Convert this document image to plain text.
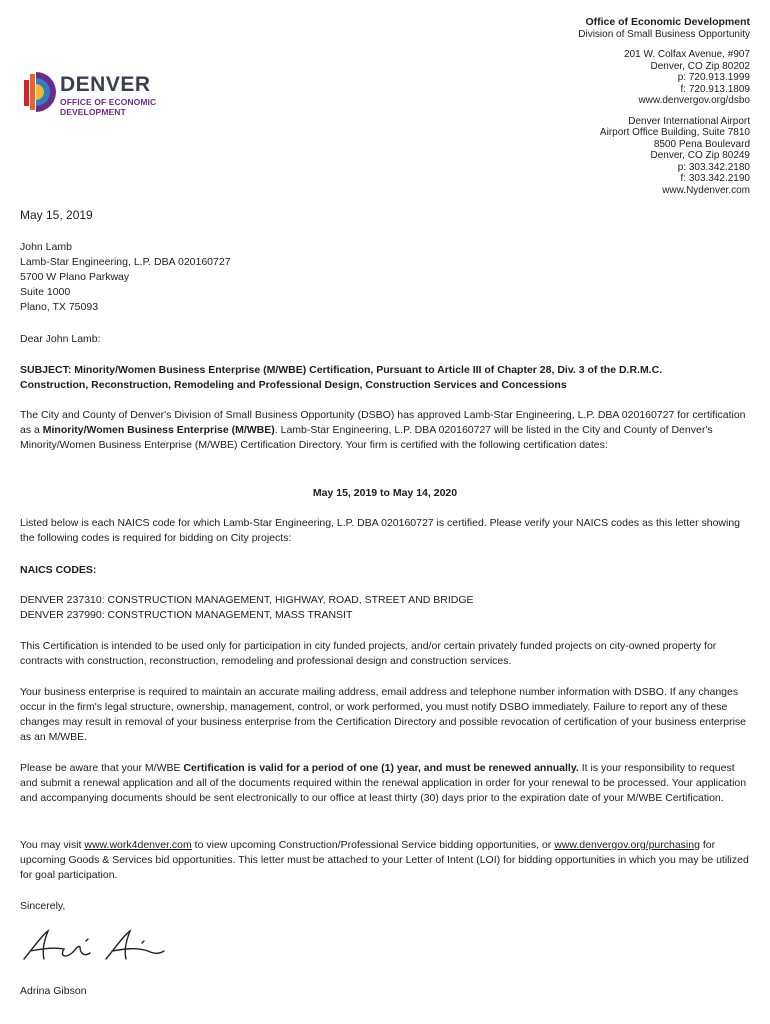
DENVER
OFFICE OF ECONOMIC
DEVELOPMENT
Ofﬁce of Economic Development
Division of Small Business Opportunity
201 W. Colfax Avenue, #907
Denver, CO Zip 80202
p: 720.913.1999
f: 720.913.1809
www.denvergov.org/dsbo
Denver International Airport
Airport Ofﬁce Building, Suite 7810
8500 Pena Boulevard
Denver, CO Zip 80249
p: 303.342.2180
f: 303.342.2190
www.Nydenver.com
May 15, 2019
John Lamb
Lamb-Star Engineering, L.P. DBA 020160727
5700 W Plano Parkway
Suite 1000
Plano, TX 75093
Dear John Lamb:
SUBJECT: Minority/Women Business Enterprise (M/WBE) Certification, Pursuant to Article III of Chapter 28, Div. 3 of the D.R.M.C.
Construction, Reconstruction, Remodeling and Professional Design, Construction Services and Concessions
The City and County of Denver's Division of Small Business Opportunity (DSBO) has approved Lamb-Star Engineering, L.P. DBA 020160727 for certification as a Minority/Women Business Enterprise (M/WBE). Lamb-Star Engineering, L.P. DBA 020160727 will be listed in the City and County of Denver's Minority/Women Business Enterprise (M/WBE) Certification Directory. Your firm is certified with the following certification dates:
May 15, 2019 to May 14, 2020
Listed below is each NAICS code for which Lamb-Star Engineering, L.P. DBA 020160727 is certified. Please verify your NAICS codes as this letter showing the following codes is required for bidding on City projects:
NAICS CODES:
DENVER 237310: CONSTRUCTION MANAGEMENT, HIGHWAY, ROAD, STREET AND BRIDGE
DENVER 237990: CONSTRUCTION MANAGEMENT, MASS TRANSIT
This Certification is intended to be used only for participation in city funded projects, and/or certain privately funded projects on city-owned property for contracts with construction, reconstruction, remodeling and professional design and construction services.
Your business enterprise is required to maintain an accurate mailing address, email address and telephone number information with DSBO. If any changes occur in the firm's legal structure, ownership, management, control, or work performed, you must notify DSBO immediately. Failure to report any of these changes may result in removal of your business enterprise from the Certification Directory and possible revocation of certification of your business enterprise as an M/WBE.
Please be aware that your M/WBE Certification is valid for a period of one (1) year, and must be renewed annually. It is your responsibility to request and submit a renewal application and all of the documents required within the renewal application in order for your renewal to be processed. Your application and accompanying documents should be sent electronically to our office at least thirty (30) days prior to the expiration date of your M/WBE Certification.
You may visit www.work4denver.com to view upcoming Construction/Professional Service bidding opportunities, or www.denvergov.org/purchasing for upcoming Goods & Services bid opportunities. This letter must be attached to your Letter of Intent (LOI) for bidding opportunities in which you may be utilized for goal participation.
Sincerely,
Adrina Gibson
